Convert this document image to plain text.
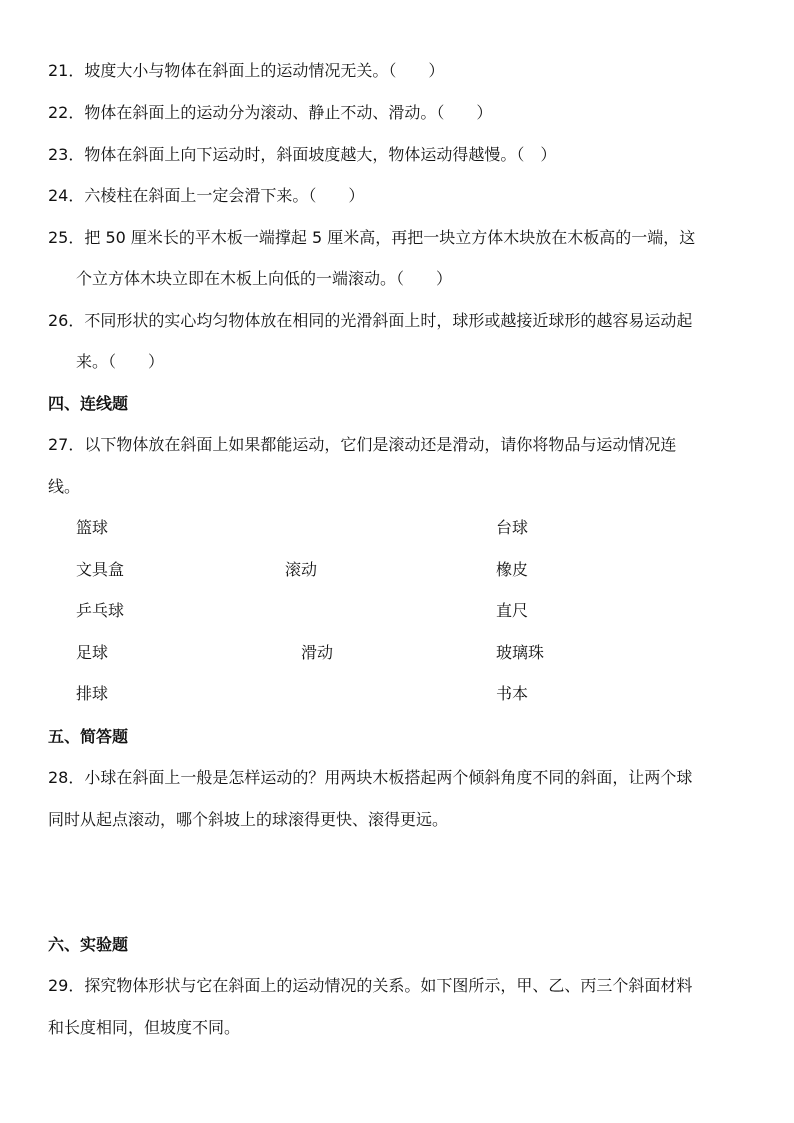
21．坡度大小与物体在斜面上的运动情况无关。（　　）
22．物体在斜面上的运动分为滚动、静止不动、滑动。（　　）
23．物体在斜面上向下运动时，斜面坡度越大，物体运动得越慢。（　）
24．六棱柱在斜面上一定会滑下来。（　　）
25．把 50 厘米长的平木板一端撑起 5 厘米高，再把一块立方体木块放在木板高的一端，这
个立方体木块立即在木板上向低的一端滚动。（　　）
26．不同形状的实心均匀物体放在相同的光滑斜面上时，球形或越接近球形的越容易运动起
来。（　　）
四、连线题
27．以下物体放在斜面上如果都能运动，它们是滚动还是滑动，请你将物品与运动情况连
线。
篮球
文具盒
乒乓球
足球
排球
滚动
滑动
台球
橡皮
直尺
玻璃珠
书本
五、简答题
28．小球在斜面上一般是怎样运动的？用两块木板搭起两个倾斜角度不同的斜面，让两个球
同时从起点滚动，哪个斜坡上的球滚得更快、滚得更远。
六、实验题
29．探究物体形状与它在斜面上的运动情况的关系。如下图所示，甲、乙、丙三个斜面材料
和长度相同，但坡度不同。
